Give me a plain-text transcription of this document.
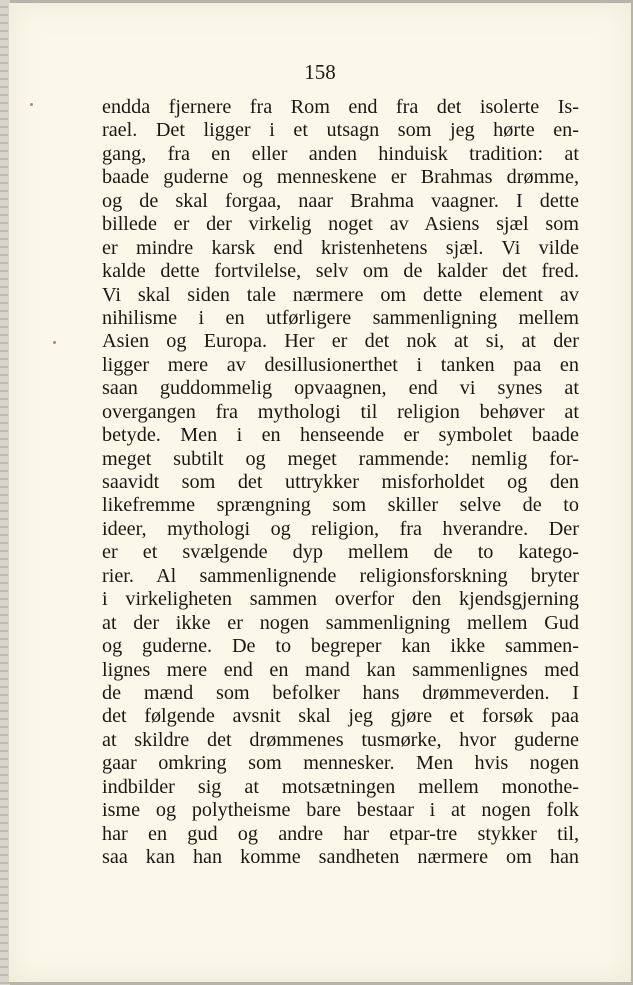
158
endda fjernere fra Rom end fra det isolerte Is-
rael. Det ligger i et utsagn som jeg hørte en-
gang, fra en eller anden hinduisk tradition: at
baade guderne og menneskene er Brahmas drømme,
og de skal forgaa, naar Brahma vaagner. I dette
billede er der virkelig noget av Asiens sjæl som
er mindre karsk end kristenhetens sjæl. Vi vilde
kalde dette fortvilelse, selv om de kalder det fred.
Vi skal siden tale nærmere om dette element av
nihilisme i en utførligere sammenligning mellem
Asien og Europa. Her er det nok at si, at der
ligger mere av desillusionerthet i tanken paa en
saan guddommelig opvaagnen, end vi synes at
overgangen fra mythologi til religion behøver at
betyde. Men i en henseende er symbolet baade
meget subtilt og meget rammende: nemlig for-
saavidt som det uttrykker misforholdet og den
likefremme sprængning som skiller selve de to
ideer, mythologi og religion, fra hverandre. Der
er et svælgende dyp mellem de to katego-
rier. Al sammenlignende religionsforskning bryter
i virkeligheten sammen overfor den kjendsgjerning
at der ikke er nogen sammenligning mellem Gud
og guderne. De to begreper kan ikke sammen-
lignes mere end en mand kan sammenlignes med
de mænd som befolker hans drømmeverden. I
det følgende avsnit skal jeg gjøre et forsøk paa
at skildre det drømmenes tusmørke, hvor guderne
gaar omkring som mennesker. Men hvis nogen
indbilder sig at motsætningen mellem monothe-
isme og polytheisme bare bestaar i at nogen folk
har en gud og andre har etpar-tre stykker til,
saa kan han komme sandheten nærmere om han
